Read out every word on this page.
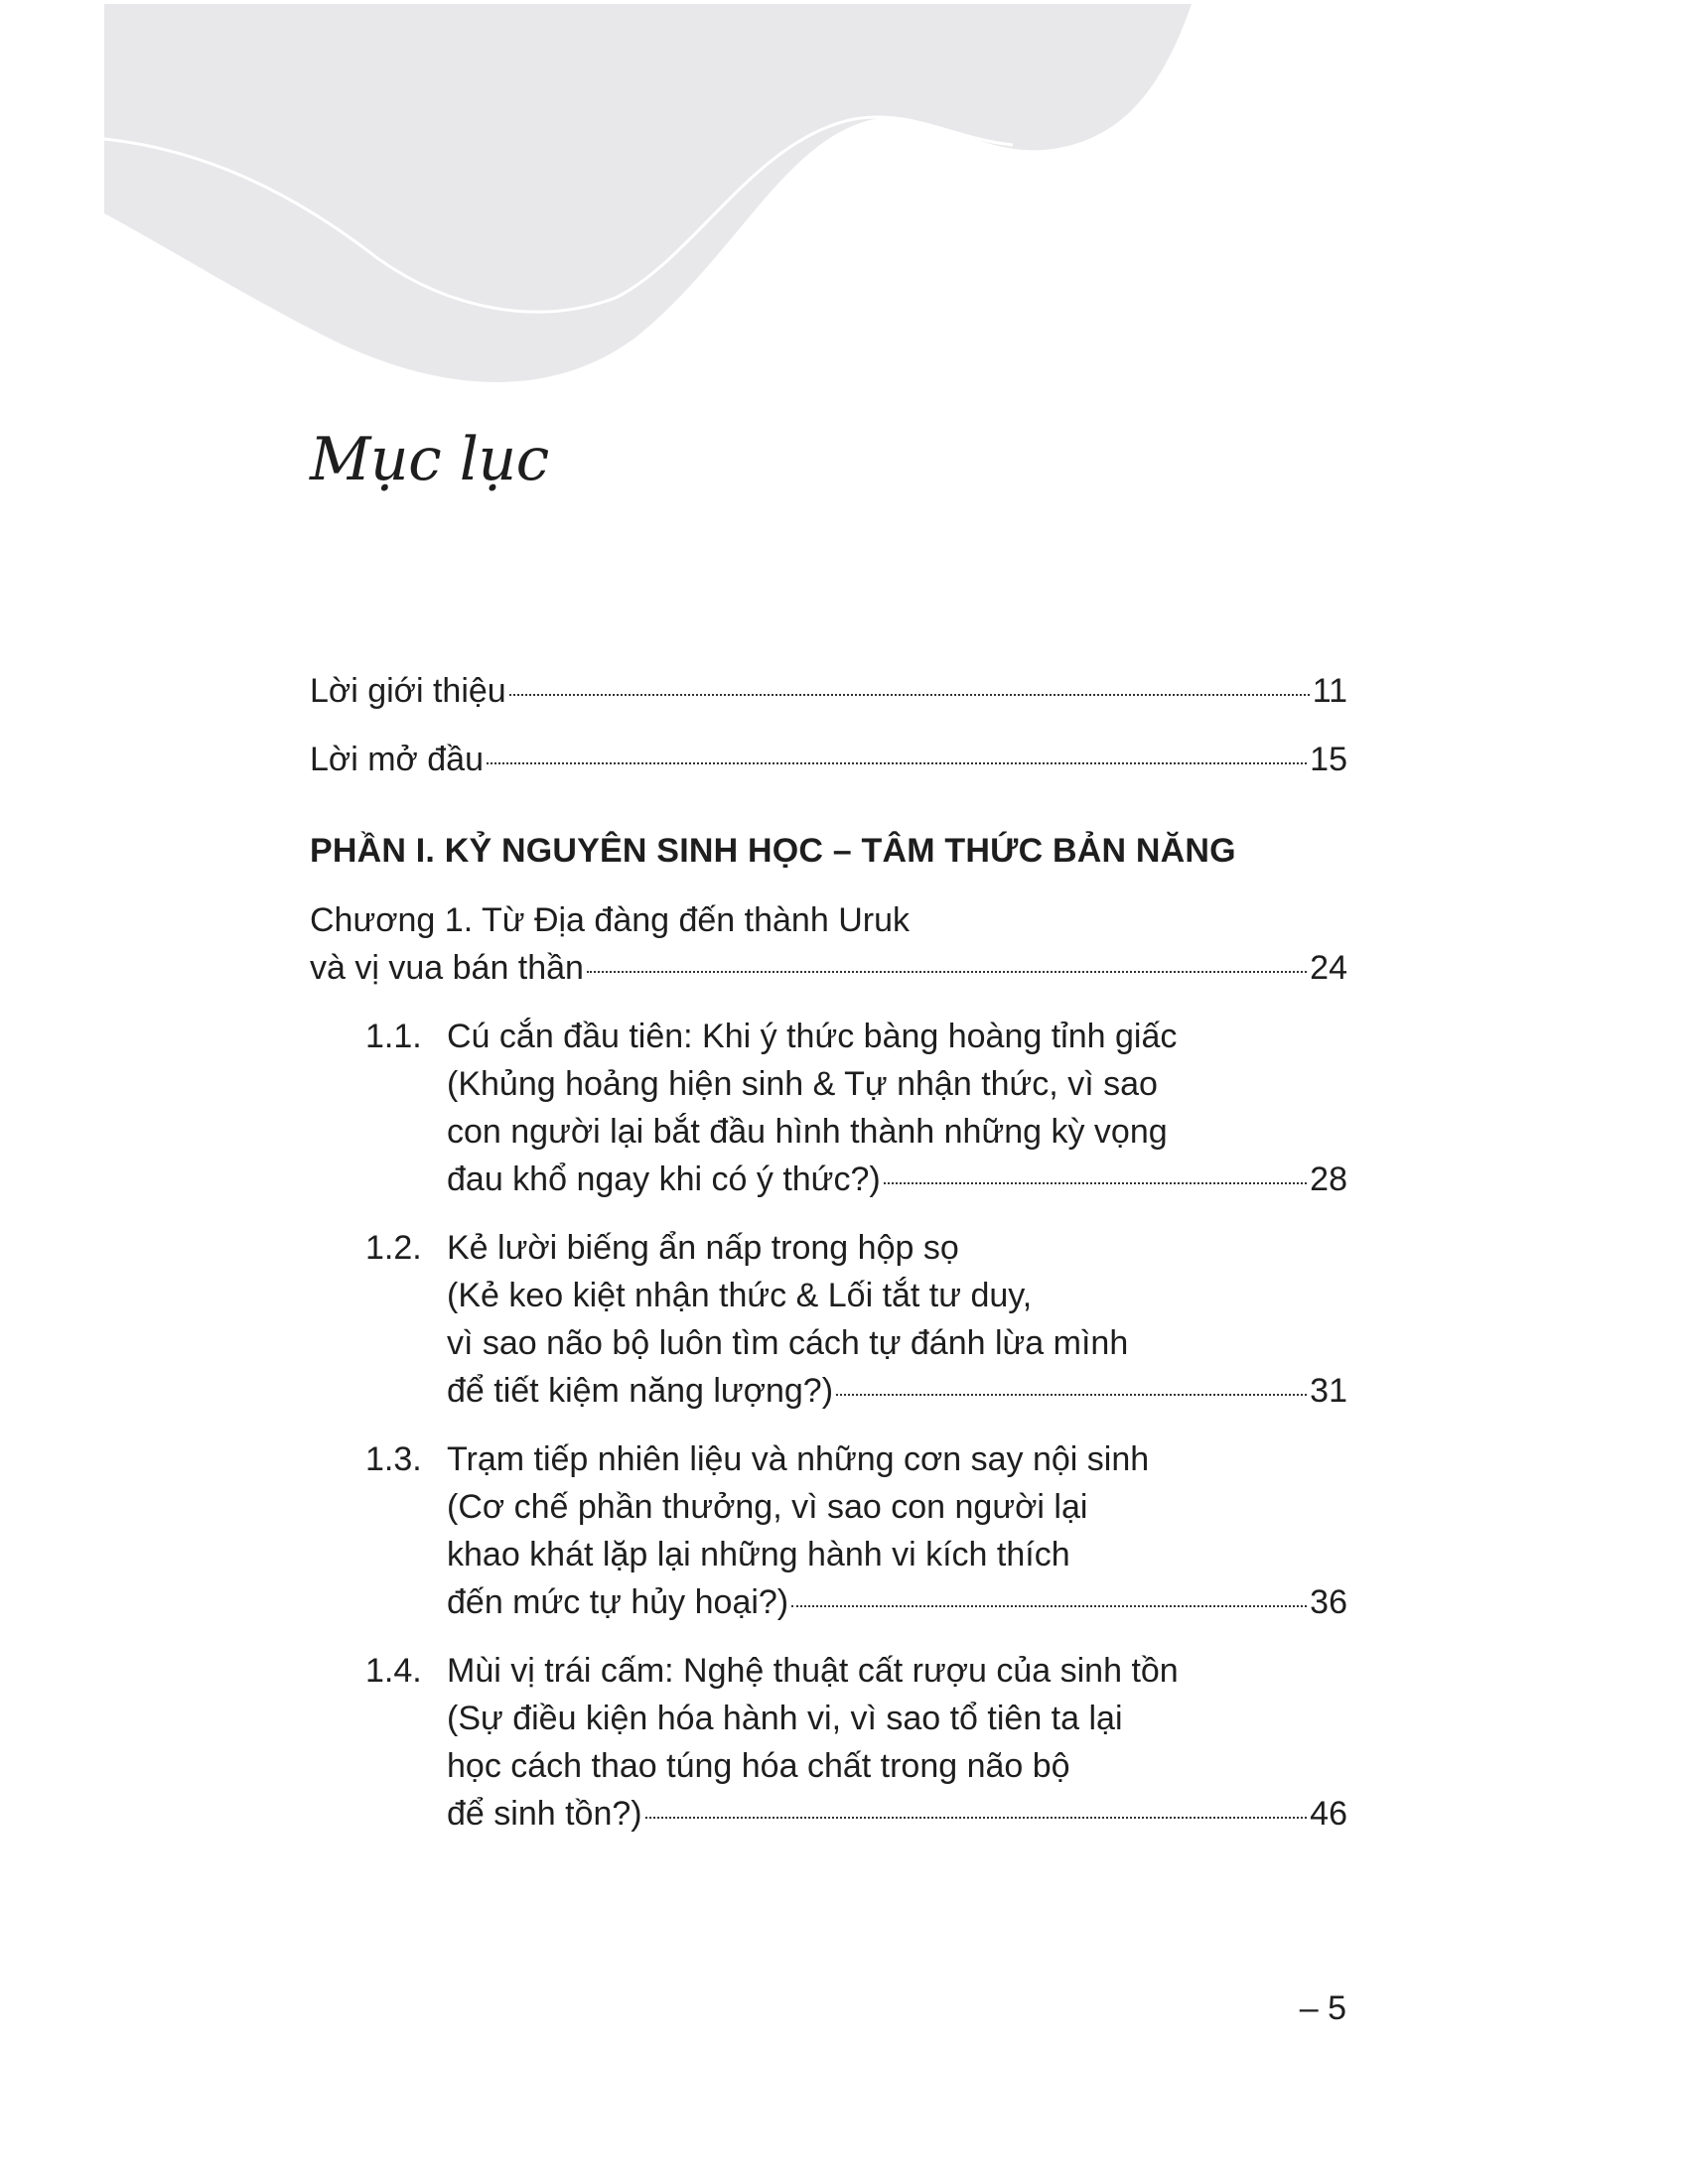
Mục lục
Lời giới thiệu	11
Lời mở đầu	15
PHẦN I. KỶ NGUYÊN SINH HỌC – TÂM THỨC BẢN NĂNG
Chương 1. Từ Địa đàng đến thành Uruk
và vị vua bán thần	24
1.1. Cú cắn đầu tiên: Khi ý thức bàng hoàng tỉnh giấc
(Khủng hoảng hiện sinh & Tự nhận thức, vì sao
con người lại bắt đầu hình thành những kỳ vọng
đau khổ ngay khi có ý thức?)	28
1.2. Kẻ lười biếng ẩn nấp trong hộp sọ
(Kẻ keo kiệt nhận thức & Lối tắt tư duy,
vì sao não bộ luôn tìm cách tự đánh lừa mình
để tiết kiệm năng lượng?)	31
1.3. Trạm tiếp nhiên liệu và những cơn say nội sinh
(Cơ chế phần thưởng, vì sao con người lại
khao khát lặp lại những hành vi kích thích
đến mức tự hủy hoại?)	36
1.4. Mùi vị trái cấm: Nghệ thuật cất rượu của sinh tồn
(Sự điều kiện hóa hành vi, vì sao tổ tiên ta lại
học cách thao túng hóa chất trong não bộ
để sinh tồn?)	46
– 5
